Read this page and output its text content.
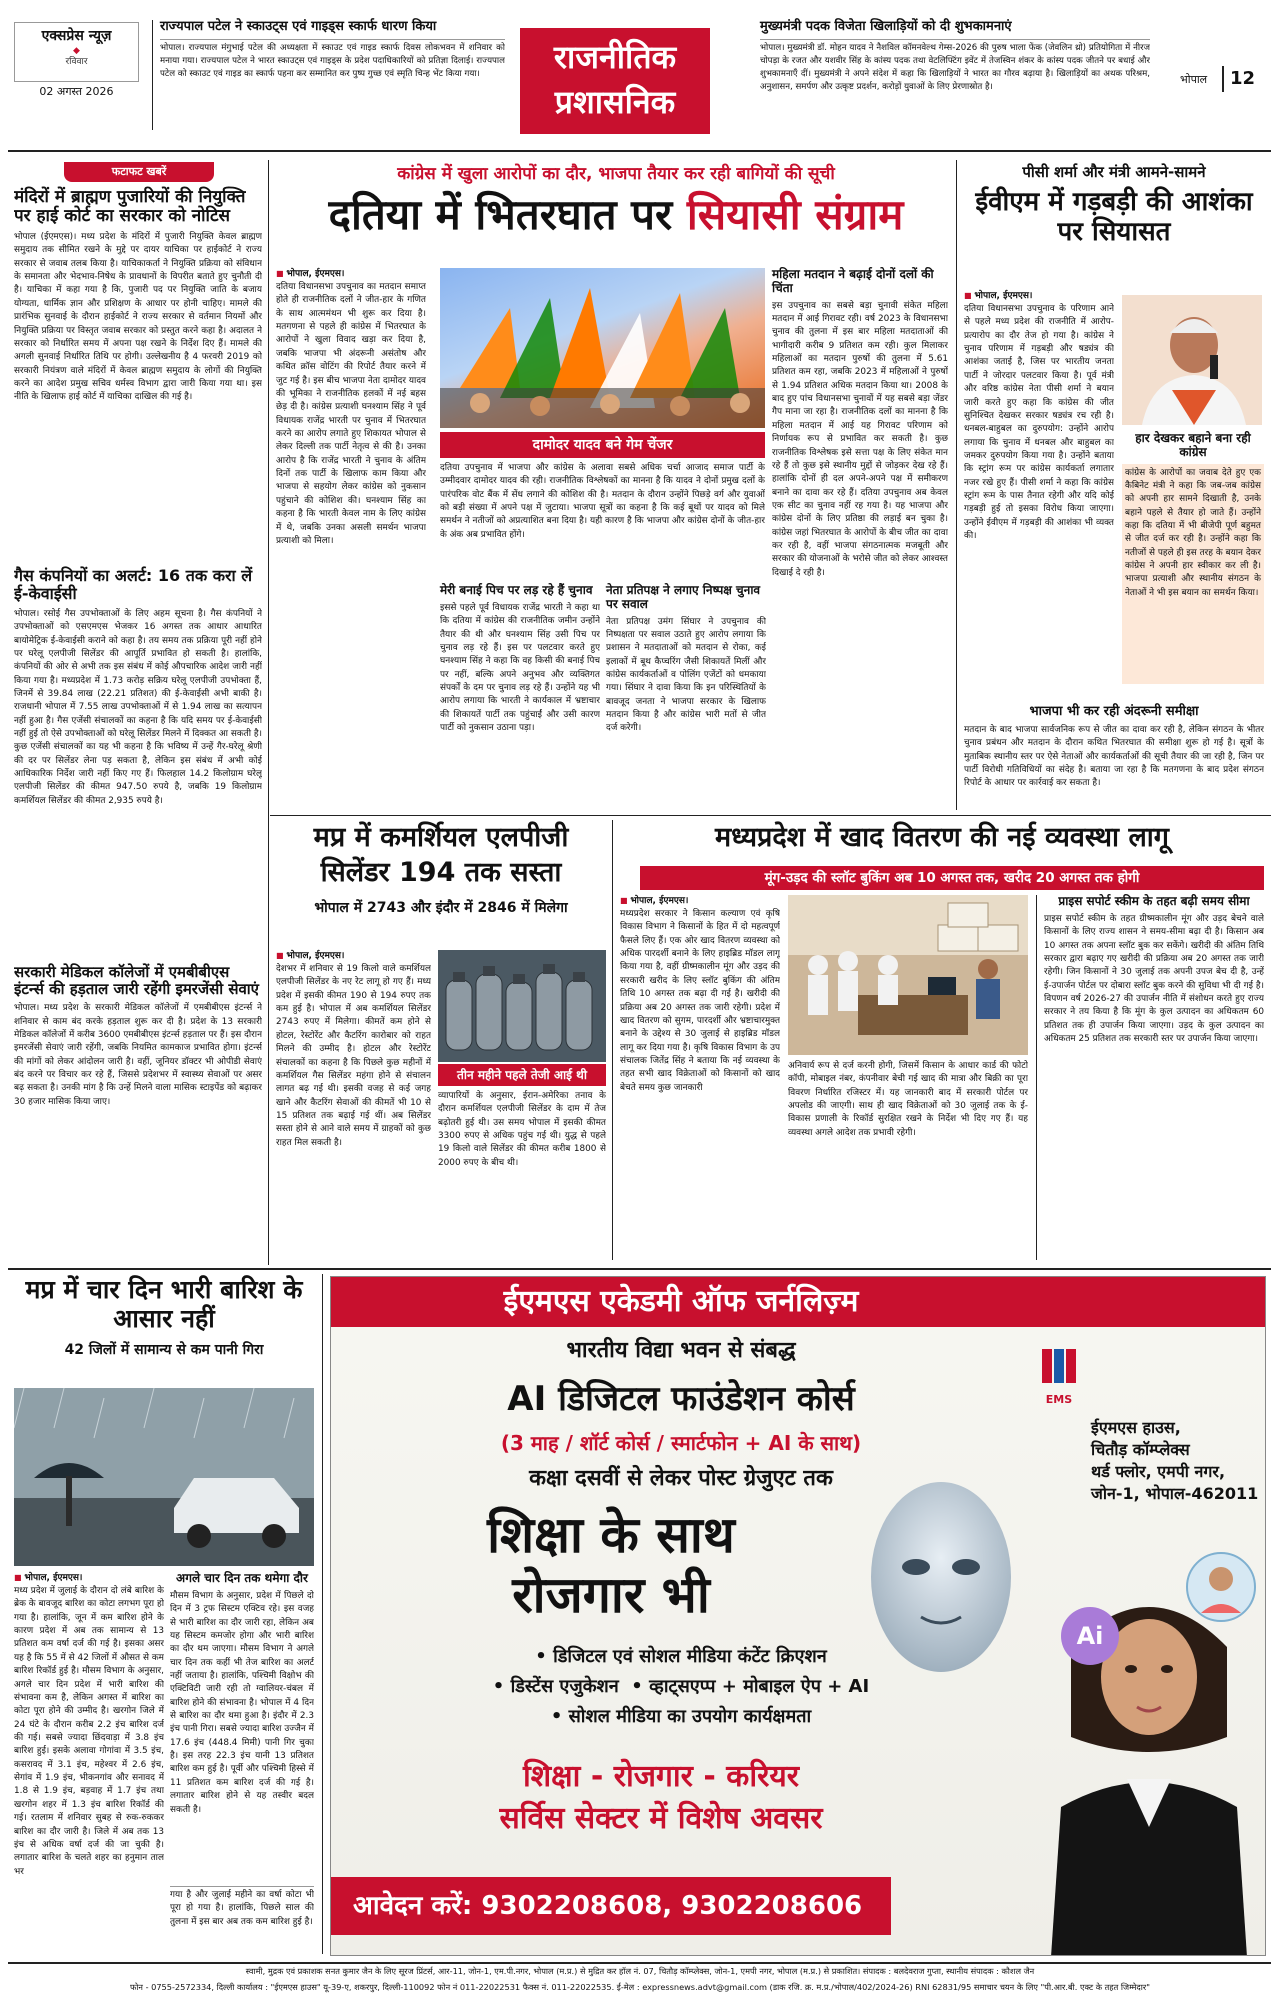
एक्सप्रेस न्यूज़
◆
रविवार
02 अगस्त 2026
राज्यपाल पटेल ने स्काउट्स एवं गाइड्स स्कार्फ धारण किया
भोपाल। राज्यपाल मंगुभाई पटेल की अध्यक्षता में स्काउट एवं गाइड स्कार्फ दिवस लोकभवन में शनिवार को मनाया गया। राज्यपाल पटेल ने भारत स्काउट्स एवं गाइड्स के प्रदेश पदाधिकारियों को प्रतिज्ञा दिलाई। राज्यपाल पटेल को स्काउट एवं गाइड का स्कार्फ पहना कर सम्मानित कर पुष्प गुच्छ एवं स्मृति चिन्ह भेंट किया गया।	राजनीतिक
प्रशासनिक
मुख्यमंत्री पदक विजेता खिलाड़ियों को दी शुभकामनाएं
भोपाल। मुख्यमंत्री डॉ. मोहन यादव ने नैशविल कॉमनवेल्थ गेम्स-2026 की पुरुष भाला फेंक (जेवलिन थ्रो) प्रतियोगिता में नीरज चोपड़ा के रजत और यशवीर सिंह के कांस्य पदक तथा वेटलिफ्टिंग इवेंट में तेजस्विन शंकर के कांस्य पदक जीतने पर बधाई और शुभकामनाएँ दीं। मुख्यमंत्री ने अपने संदेश में कहा कि खिलाड़ियों ने भारत का गौरव बढ़ाया है। खिलाड़ियों का अथक परिश्रम, अनुशासन, समर्पण और उत्कृष्ट प्रदर्शन, करोड़ों युवाओं के लिए प्रेरणास्रोत है।
भोपाल	12
फटाफट खबरें
मंदिरों में ब्राह्मण पुजारियों की नियुक्ति पर हाई कोर्ट का सरकार को नोटिस
भोपाल (ईएमएस)। मध्य प्रदेश के मंदिरों में पुजारी नियुक्ति केवल ब्राह्मण समुदाय तक सीमित रखने के मुद्दे पर दायर याचिका पर हाईकोर्ट ने राज्य सरकार से जवाब तलब किया है। याचिकाकर्ता ने नियुक्ति प्रक्रिया को संविधान के समानता और भेदभाव-निषेध के प्रावधानों के विपरीत बताते हुए चुनौती दी है। याचिका में कहा गया है कि, पुजारी पद पर नियुक्ति जाति के बजाय योग्यता, धार्मिक ज्ञान और प्रशिक्षण के आधार पर होनी चाहिए। मामले की प्रारंभिक सुनवाई के दौरान हाईकोर्ट ने राज्य सरकार से वर्तमान नियमों और नियुक्ति प्रक्रिया पर विस्तृत जवाब सरकार को प्रस्तुत करने कहा है। अदालत ने सरकार को निर्धारित समय में अपना पक्ष रखने के निर्देश दिए हैं। मामले की अगली सुनवाई निर्धारित तिथि पर होगी। उल्लेखनीय है 4 फरवरी 2019 को सरकारी नियंत्रण वाले मंदिरों में केवल ब्राह्मण समुदाय के लोगों की नियुक्ति करने का आदेश प्रमुख सचिव धर्मस्व विभाग द्वारा जारी किया गया था। इस नीति के खिलाफ हाई कोर्ट में याचिका दाखिल की गई है।
गैस कंपनियों का अलर्ट: 16 तक करा लें ई-केवाईसी
भोपाल। रसोई गैस उपभोक्ताओं के लिए अहम सूचना है। गैस कंपनियों ने उपभोक्ताओं को एसएमएस भेजकर 16 अगस्त तक आधार आधारित बायोमेट्रिक ई-केवाईसी कराने को कहा है। तय समय तक प्रक्रिया पूरी नहीं होने पर घरेलू एलपीजी सिलेंडर की आपूर्ति प्रभावित हो सकती है। हालांकि, कंपनियों की ओर से अभी तक इस संबंध में कोई औपचारिक आदेश जारी नहीं किया गया है। मध्यप्रदेश में 1.73 करोड़ सक्रिय घरेलू एलपीजी उपभोक्ता हैं, जिनमें से 39.84 लाख (22.21 प्रतिशत) की ई-केवाईसी अभी बाकी है। राजधानी भोपाल में 7.55 लाख उपभोक्ताओं में से 1.94 लाख का सत्यापन नहीं हुआ है। गैस एजेंसी संचालकों का कहना है कि यदि समय पर ई-केवाईसी नहीं हुई तो ऐसे उपभोक्ताओं को घरेलू सिलेंडर मिलने में दिक्कत आ सकती है। कुछ एजेंसी संचालकों का यह भी कहना है कि भविष्य में उन्हें गैर-घरेलू श्रेणी की दर पर सिलेंडर लेना पड़ सकता है, लेकिन इस संबंध में अभी कोई आधिकारिक निर्देश जारी नहीं किए गए हैं। फिलहाल 14.2 किलोग्राम घरेलू एलपीजी सिलेंडर की कीमत 947.50 रुपये है, जबकि 19 किलोग्राम कमर्शियल सिलेंडर की कीमत 2,935 रुपये है।
सरकारी मेडिकल कॉलेजों में एमबीबीएस इंटर्न्स की हड़ताल जारी रहेंगी इमरजेंसी सेवाएं
भोपाल। मध्य प्रदेश के सरकारी मेडिकल कॉलेजों में एमबीबीएस इंटर्न्स ने शनिवार से काम बंद करके हड़ताल शुरू कर दी है। प्रदेश के 13 सरकारी मेडिकल कॉलेजों में करीब 3600 एमबीबीएस इंटर्न्स हड़ताल पर हैं। इस दौरान इमरजेंसी सेवाएं जारी रहेंगी, जबकि नियमित कामकाज प्रभावित होगा। इंटर्न्स की मांगों को लेकर आंदोलन जारी है। वहीं, जूनियर डॉक्टर भी ओपीडी सेवाएं बंद करने पर विचार कर रहे हैं, जिससे प्रदेशभर में स्वास्थ्य सेवाओं पर असर बढ़ सकता है। उनकी मांग है कि उन्हें मिलने वाला मासिक स्टाइपेंड को बढ़ाकर 30 हजार मासिक किया जाए।
कांग्रेस में खुला आरोपों का दौर, भाजपा तैयार कर रही बागियों की सूची
दतिया में भितरघात पर सियासी संग्राम
■ भोपाल, ईएमएस।
दतिया विधानसभा उपचुनाव का मतदान समाप्त होते ही राजनीतिक दलों ने जीत-हार के गणित के साथ आत्ममंथन भी शुरू कर दिया है। मतगणना से पहले ही कांग्रेस में भितरघात के आरोपों ने खुला विवाद खड़ा कर दिया है, जबकि भाजपा भी अंदरूनी असंतोष और कथित क्रॉस वोटिंग की रिपोर्ट तैयार करने में जुट गई है। इस बीच भाजपा नेता दामोदर यादव की भूमिका ने राजनीतिक हलकों में नई बहस छेड़ दी है। कांग्रेस प्रत्याशी घनश्याम सिंह ने पूर्व विधायक राजेंद्र भारती पर चुनाव में भितरघात करने का आरोप लगाते हुए शिकायत भोपाल से लेकर दिल्ली तक पार्टी नेतृत्व से की है। उनका आरोप है कि राजेंद्र भारती ने चुनाव के अंतिम दिनों तक पार्टी के खिलाफ काम किया और भाजपा से सहयोग लेकर कांग्रेस को नुकसान पहुंचाने की कोशिश की। घनश्याम सिंह का कहना है कि भारती केवल नाम के लिए कांग्रेस में थे, जबकि उनका असली समर्थन भाजपा प्रत्याशी को मिला।
दामोदर यादव बने गेम चेंजर
दतिया उपचुनाव में भाजपा और कांग्रेस के अलावा सबसे अधिक चर्चा आजाद समाज पार्टी के उम्मीदवार दामोदर यादव की रही। राजनीतिक विश्लेषकों का मानना है कि यादव ने दोनों प्रमुख दलों के पारंपरिक वोट बैंक में सेंध लगाने की कोशिश की है। मतदान के दौरान उन्होंने पिछड़े वर्ग और युवाओं को बड़ी संख्या में अपने पक्ष में जुटाया। भाजपा सूत्रों का कहना है कि कई बूथों पर यादव को मिले समर्थन ने नतीजों को अप्रत्याशित बना दिया है। यही कारण है कि भाजपा और कांग्रेस दोनों के जीत-हार के अंक अब प्रभावित होंगे।
मेरी बनाई पिच पर लड़ रहे हैं चुनाव
इससे पहले पूर्व विधायक राजेंद्र भारती ने कहा था कि दतिया में कांग्रेस की राजनीतिक जमीन उन्होंने तैयार की थी और घनश्याम सिंह उसी पिच पर चुनाव लड़ रहे हैं। इस पर पलटवार करते हुए घनश्याम सिंह ने कहा कि वह किसी की बनाई पिच पर नहीं, बल्कि अपने अनुभव और व्यक्तिगत संपर्कों के दम पर चुनाव लड़ रहे हैं। उन्होंने यह भी आरोप लगाया कि भारती ने कार्यकाल में भ्रष्टाचार की शिकायतें पार्टी तक पहुंचाईं और उसी कारण पार्टी को नुकसान उठाना पड़ा।
नेता प्रतिपक्ष ने लगाए निष्पक्ष चुनाव पर सवाल
नेता प्रतिपक्ष उमंग सिंघार ने उपचुनाव की निष्पक्षता पर सवाल उठाते हुए आरोप लगाया कि प्रशासन ने मतदाताओं को मतदान से रोका, कई इलाकों में बूथ कैप्चरिंग जैसी शिकायतें मिलीं और कांग्रेस कार्यकर्ताओं व पोलिंग एजेंटों को धमकाया गया। सिंघार ने दावा किया कि इन परिस्थितियों के बावजूद जनता ने भाजपा सरकार के खिलाफ मतदान किया है और कांग्रेस भारी मतों से जीत दर्ज करेगी।
महिला मतदान ने बढ़ाई दोनों दलों की चिंता
इस उपचुनाव का सबसे बड़ा चुनावी संकेत महिला मतदान में आई गिरावट रही। वर्ष 2023 के विधानसभा चुनाव की तुलना में इस बार महिला मतदाताओं की भागीदारी करीब 9 प्रतिशत कम रही। कुल मिलाकर महिलाओं का मतदान पुरुषों की तुलना में 5.61 प्रतिशत कम रहा, जबकि 2023 में महिलाओं ने पुरुषों से 1.94 प्रतिशत अधिक मतदान किया था। 2008 के बाद हुए पांच विधानसभा चुनावों में यह सबसे बड़ा जेंडर गैप माना जा रहा है। राजनीतिक दलों का मानना है कि महिला मतदान में आई यह गिरावट परिणाम को निर्णायक रूप से प्रभावित कर सकती है। कुछ राजनीतिक विश्लेषक इसे सत्ता पक्ष के लिए संकेत मान रहे हैं तो कुछ इसे स्थानीय मुद्दों से जोड़कर देख रहे हैं। हालांकि दोनों ही दल अपने-अपने पक्ष में समीकरण बनाने का दावा कर रहे हैं। दतिया उपचुनाव अब केवल एक सीट का चुनाव नहीं रह गया है। यह भाजपा और कांग्रेस दोनों के लिए प्रतिष्ठा की लड़ाई बन चुका है। कांग्रेस जहां भितरघात के आरोपों के बीच जीत का दावा कर रही है, वहीं भाजपा संगठनात्मक मजबूती और सरकार की योजनाओं के भरोसे जीत को लेकर आश्वस्त दिखाई दे रही है।
पीसी शर्मा और मंत्री आमने-सामने
ईवीएम में गड़बड़ी की आशंका पर सियासत
■ भोपाल, ईएमएस।
दतिया विधानसभा उपचुनाव के परिणाम आने से पहले मध्य प्रदेश की राजनीति में आरोप-प्रत्यारोप का दौर तेज हो गया है। कांग्रेस ने चुनाव परिणाम में गड़बड़ी और षड्यंत्र की आशंका जताई है, जिस पर भारतीय जनता पार्टी ने जोरदार पलटवार किया है। पूर्व मंत्री और वरिष्ठ कांग्रेस नेता पीसी शर्मा ने बयान जारी करते हुए कहा कि कांग्रेस की जीत सुनिश्चित देखकर सरकार षड्यंत्र रच रही है। धनबल-बाहुबल का दुरुपयोग: उन्होंने आरोप लगाया कि चुनाव में धनबल और बाहुबल का जमकर दुरुपयोग किया गया है। उन्होंने बताया कि स्ट्रांग रूम पर कांग्रेस कार्यकर्ता लगातार नजर रखे हुए हैं। पीसी शर्मा ने कहा कि कांग्रेस स्ट्रांग रूम के पास तैनात रहेगी और यदि कोई गड़बड़ी हुई तो इसका विरोध किया जाएगा। उन्होंने ईवीएम में गड़बड़ी की आशंका भी व्यक्त की।
हार देखकर बहाने बना रही कांग्रेस
कांग्रेस के आरोपों का जवाब देते हुए एक कैबिनेट मंत्री ने कहा कि जब-जब कांग्रेस को अपनी हार सामने दिखाती है, उनके बहाने पहले से तैयार हो जाते हैं। उन्होंने कहा कि दतिया में भी बीजेपी पूर्ण बहुमत से जीत दर्ज कर रही है। उन्होंने कहा कि नतीजों से पहले ही इस तरह के बयान देकर कांग्रेस ने अपनी हार स्वीकार कर ली है। भाजपा प्रत्याशी और स्थानीय संगठन के नेताओं ने भी इस बयान का समर्थन किया।
भाजपा भी कर रही अंदरूनी समीक्षा
मतदान के बाद भाजपा सार्वजनिक रूप से जीत का दावा कर रही है, लेकिन संगठन के भीतर चुनाव प्रबंधन और मतदान के दौरान कथित भितरघात की समीक्षा शुरू हो गई है। सूत्रों के मुताबिक स्थानीय स्तर पर ऐसे नेताओं और कार्यकर्ताओं की सूची तैयार की जा रही है, जिन पर पार्टी विरोधी गतिविधियों का संदेह है। बताया जा रहा है कि मतगणना के बाद प्रदेश संगठन रिपोर्ट के आधार पर कार्रवाई कर सकता है।
मप्र में कमर्शियल एलपीजी
सिलेंडर 194 तक सस्ता
भोपाल में 2743 और इंदौर में 2846 में मिलेगा
■ भोपाल, ईएमएस।
देशभर में शनिवार से 19 किलो वाले कमर्शियल एलपीजी सिलेंडर के नए रेट लागू हो गए हैं। मध्य प्रदेश में इसकी कीमत 190 से 194 रुपए तक कम हुई है। भोपाल में अब कमर्शियल सिलेंडर 2743 रुपए में मिलेगा। कीमतें कम होने से होटल, रेस्टोरेंट और कैटरिंग कारोबार को राहत मिलने की उम्मीद है। होटल और रेस्टोरेंट संचालकों का कहना है कि पिछले कुछ महीनों में कमर्शियल गैस सिलेंडर महंगा होने से संचालन लागत बढ़ गई थी। इसकी वजह से कई जगह खाने और कैटरिंग सेवाओं की कीमतें भी 10 से 15 प्रतिशत तक बढ़ाई गई थीं। अब सिलेंडर सस्ता होने से आने वाले समय में ग्राहकों को कुछ राहत मिल सकती है।
तीन महीने पहले तेजी आई थी
व्यापारियों के अनुसार, ईरान-अमेरिका तनाव के दौरान कमर्शियल एलपीजी सिलेंडर के दाम में तेज बढ़ोतरी हुई थी। उस समय भोपाल में इसकी कीमत 3300 रुपए से अधिक पहुंच गई थी। युद्ध से पहले 19 किलो वाले सिलेंडर की कीमत करीब 1800 से 2000 रुपए के बीच थी।
मध्यप्रदेश में खाद वितरण की नई व्यवस्था लागू
मूंग-उड़द की स्लॉट बुकिंग अब 10 अगस्त तक, खरीद 20 अगस्त तक होगी
■ भोपाल, ईएमएस।
मध्यप्रदेश सरकार ने किसान कल्याण एवं कृषि विकास विभाग ने किसानों के हित में दो महत्वपूर्ण फैसले लिए हैं। एक ओर खाद वितरण व्यवस्था को अधिक पारदर्शी बनाने के लिए हाइब्रिड मॉडल लागू किया गया है, वहीं ग्रीष्मकालीन मूंग और उड़द की सरकारी खरीद के लिए स्लॉट बुकिंग की अंतिम तिथि 10 अगस्त तक बढ़ा दी गई है। खरीदी की प्रक्रिया अब 20 अगस्त तक जारी रहेगी। प्रदेश में खाद वितरण को सुगम, पारदर्शी और भ्रष्टाचारमुक्त बनाने के उद्देश्य से 30 जुलाई से हाइब्रिड मॉडल लागू कर दिया गया है। कृषि विकास विभाग के उप संचालक जितेंद्र सिंह ने बताया कि नई व्यवस्था के तहत सभी खाद विक्रेताओं को किसानों को खाद बेचते समय कुछ जानकारी
अनिवार्य रूप से दर्ज करनी होगी, जिसमें किसान के आधार कार्ड की फोटो कॉपी, मोबाइल नंबर, कंपनीवार बेची गई खाद की मात्रा और बिक्री का पूरा विवरण निर्धारित रजिस्टर में। यह जानकारी बाद में सरकारी पोर्टल पर अपलोड की जाएगी। साथ ही खाद विक्रेताओं को 30 जुलाई तक के ई-विकास प्रणाली के रिकॉर्ड सुरक्षित रखने के निर्देश भी दिए गए हैं। यह व्यवस्था अगले आदेश तक प्रभावी रहेगी।
प्राइस सपोर्ट स्कीम के तहत बढ़ी समय सीमा
प्राइस सपोर्ट स्कीम के तहत ग्रीष्मकालीन मूंग और उड़द बेचने वाले किसानों के लिए राज्य शासन ने समय-सीमा बढ़ा दी है। किसान अब 10 अगस्त तक अपना स्लॉट बुक कर सकेंगे। खरीदी की अंतिम तिथि सरकार द्वारा बढ़ाए गए खरीदी की प्रक्रिया अब 20 अगस्त तक जारी रहेगी। जिन किसानों ने 30 जुलाई तक अपनी उपज बेच दी है, उन्हें ई-उपार्जन पोर्टल पर दोबारा स्लॉट बुक करने की सुविधा भी दी गई है। विपणन वर्ष 2026-27 की उपार्जन नीति में संशोधन करते हुए राज्य सरकार ने तय किया है कि मूंग के कुल उत्पादन का अधिकतम 60 प्रतिशत तक ही उपार्जन किया जाएगा। उड़द के कुल उत्पादन का अधिकतम 25 प्रतिशत तक सरकारी स्तर पर उपार्जन किया जाएगा।
मप्र में चार दिन भारी बारिश के आसार नहीं
42 जिलों में सामान्य से कम पानी गिरा
■ भोपाल, ईएमएस।
मध्य प्रदेश में जुलाई के दौरान दो लंबे बारिश के ब्रेक के बावजूद बारिश का कोटा लगभग पूरा हो गया है। हालांकि, जून में कम बारिश होने के कारण प्रदेश में अब तक सामान्य से 13 प्रतिशत कम वर्षा दर्ज की गई है। इसका असर यह है कि 55 में से 42 जिलों में औसत से कम बारिश रिकॉर्ड हुई है। मौसम विभाग के अनुसार, अगले चार दिन प्रदेश में भारी बारिश की संभावना कम है, लेकिन अगस्त में बारिश का कोटा पूरा होने की उम्मीद है। खरगोन जिले में 24 घंटे के दौरान करीब 2.2 इंच बारिश दर्ज की गई। सबसे ज्यादा छिंदवाड़ा में 3.8 इंच बारिश हुई। इसके अलावा गोगांवा में 3.5 इंच, कसरावद में 3.1 इंच, महेश्वर में 2.6 इंच, सेगांव में 1.9 इंच, भीकनगांव और सनावद में 1.8 से 1.9 इंच, बड़वाह में 1.7 इंच तथा खरगोन शहर में 1.3 इंच बारिश रिकॉर्ड की गई। रतलाम में शनिवार सुबह से रुक-रुककर बारिश का दौर जारी है। जिले में अब तक 13 इंच से अधिक वर्षा दर्ज की जा चुकी है। लगातार बारिश के चलते शहर का हनुमान ताल भर
अगले चार दिन तक थमेगा दौर
मौसम विभाग के अनुसार, प्रदेश में पिछले दो दिन में 3 ट्रफ सिस्टम एक्टिव रहे। इस वजह से भारी बारिश का दौर जारी रहा, लेकिन अब यह सिस्टम कमजोर होगा और भारी बारिश का दौर थम जाएगा। मौसम विभाग ने अगले चार दिन तक कहीं भी तेज बारिश का अलर्ट नहीं जताया है। हालांकि, पश्चिमी विक्षोभ की एक्टिविटी जारी रही तो ग्वालियर-चंबल में बारिश होने की संभावना है। भोपाल में 4 दिन से बारिश का दौर थमा हुआ है। इंदौर में 2.3 इंच पानी गिरा। सबसे ज्यादा बारिश उज्जैन में 17.6 इंच (448.4 मिमी) पानी गिर चुका है। इस तरह 22.3 इंच यानी 13 प्रतिशत बारिश कम हुई है। पूर्वी और पश्चिमी हिस्से में 11 प्रतिशत कम बारिश दर्ज की गई है। लगातार बारिश होने से यह तस्वीर बदल सकती है।
गया है और जुलाई महीने का वर्षा कोटा भी पूरा हो गया है। हालांकि, पिछले साल की तुलना में इस बार अब तक कम बारिश हुई है।
ईएमएस एकेडमी ऑफ जर्नलिज़्म
भारतीय विद्या भवन से संबद्ध
AI डिजिटल फाउंडेशन कोर्स
(3 माह / शॉर्ट कोर्स / स्मार्टफोन + AI के साथ)
कक्षा दसवीं से लेकर पोस्ट ग्रेजुएट तक
शिक्षा के साथ
रोजगार भी
• डिजिटल एवं सोशल मीडिया कंटेंट क्रिएशन
• डिस्टेंस एजुकेशन • व्हाट्सएप्प + मोबाइल ऐप + AI
• सोशल मीडिया का उपयोग कार्यक्षमता
शिक्षा - रोजगार - करियर
सर्विस सेक्टर में विशेष अवसर
आवेदन करें: 9302208608, 9302208606
EMS
ईएमएस हाउस,
चितौड़ कॉम्प्लेक्स
थर्ड फ्लोर, एमपी नगर,
जोन-1, भोपाल-462011
Ai
स्वामी, मुद्रक एवं प्रकाशक सनत कुमार जैन के लिए सूरज प्रिंटर्स, आर-11, जोन-1, एम.पी.नगर, भोपाल (म.प्र.) से मुद्रित कर हॉल नं. 07, चितौड़ कॉम्प्लेक्स, जोन-1, एमपी नगर, भोपाल (म.प्र.) से प्रकाशित। संपादक : बलदेवराज गुप्ता, स्थानीय संपादक : कौशल जैन
फोन - 0755-2572334, दिल्ली कार्यालय : "ईएमएस हाउस" यू-39-ए, शकरपुर, दिल्ली-110092 फोन नं 011-22022531 फैक्स नं. 011-22022535. ई-मेल : expressnews.advt@gmail.com (डाक रजि. क्र. म.प्र./भोपाल/402/2024-26) RNI 62831/95 समाचार चयन के लिए "पी.आर.बी. एक्ट के तहत जिम्मेदार"
